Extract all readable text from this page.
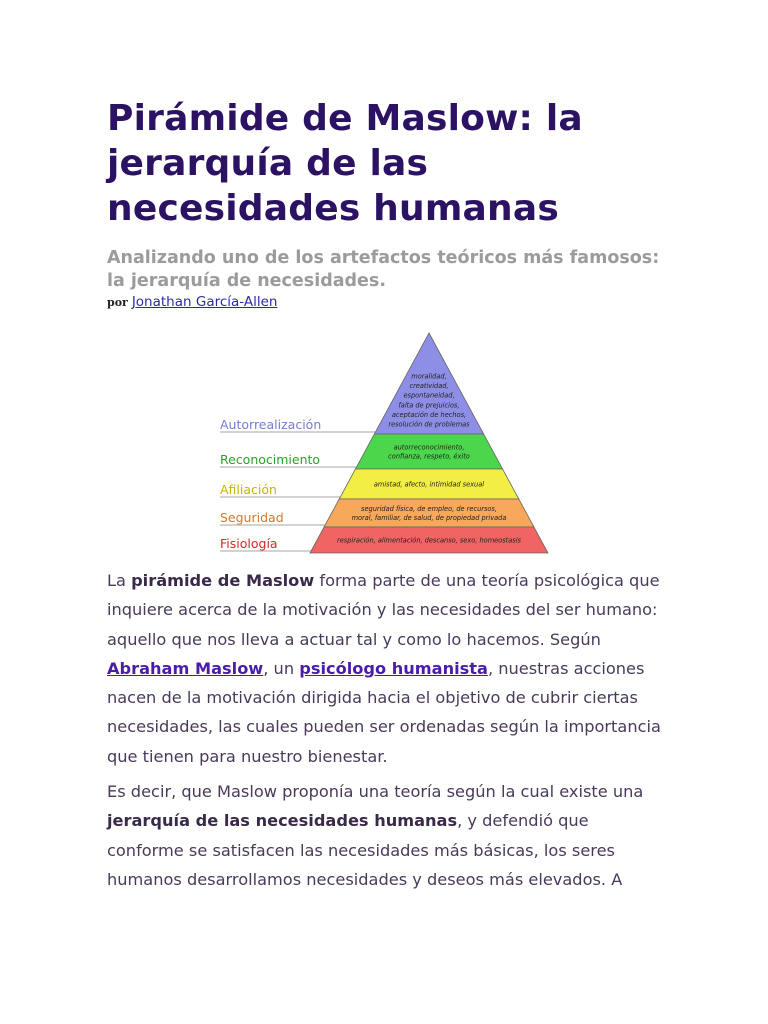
Pirámide de Maslow: la jerarquía de las necesidades humanas

Analizando uno de los artefactos teóricos más famosos: la jerarquía de necesidades.

por Jonathan García-Allen

moralidad,
creatividad,
espontaneidad,
falta de prejuicios,
aceptación de hechos,
resolución de problemas
autorreconocimiento,
confianza, respeto, éxito
amistad, afecto, intimidad sexual
seguridad física, de empleo, de recursos,
moral, familiar, de salud, de propiedad privada
respiración, alimentación, descanso, sexo, homeostasis
Autorrealización
Reconocimiento
Afiliación
Seguridad
Fisiología

La pirámide de Maslow forma parte de una teoría psicológica que inquiere acerca de la motivación y las necesidades del ser humano: aquello que nos lleva a actuar tal y como lo hacemos. Según Abraham Maslow, un psicólogo humanista, nuestras acciones nacen de la motivación dirigida hacia el objetivo de cubrir ciertas necesidades, las cuales pueden ser ordenadas según la importancia que tienen para nuestro bienestar.

Es decir, que Maslow proponía una teoría según la cual existe una jerarquía de las necesidades humanas, y defendió que conforme se satisfacen las necesidades más básicas, los seres humanos desarrollamos necesidades y deseos más elevados. A
